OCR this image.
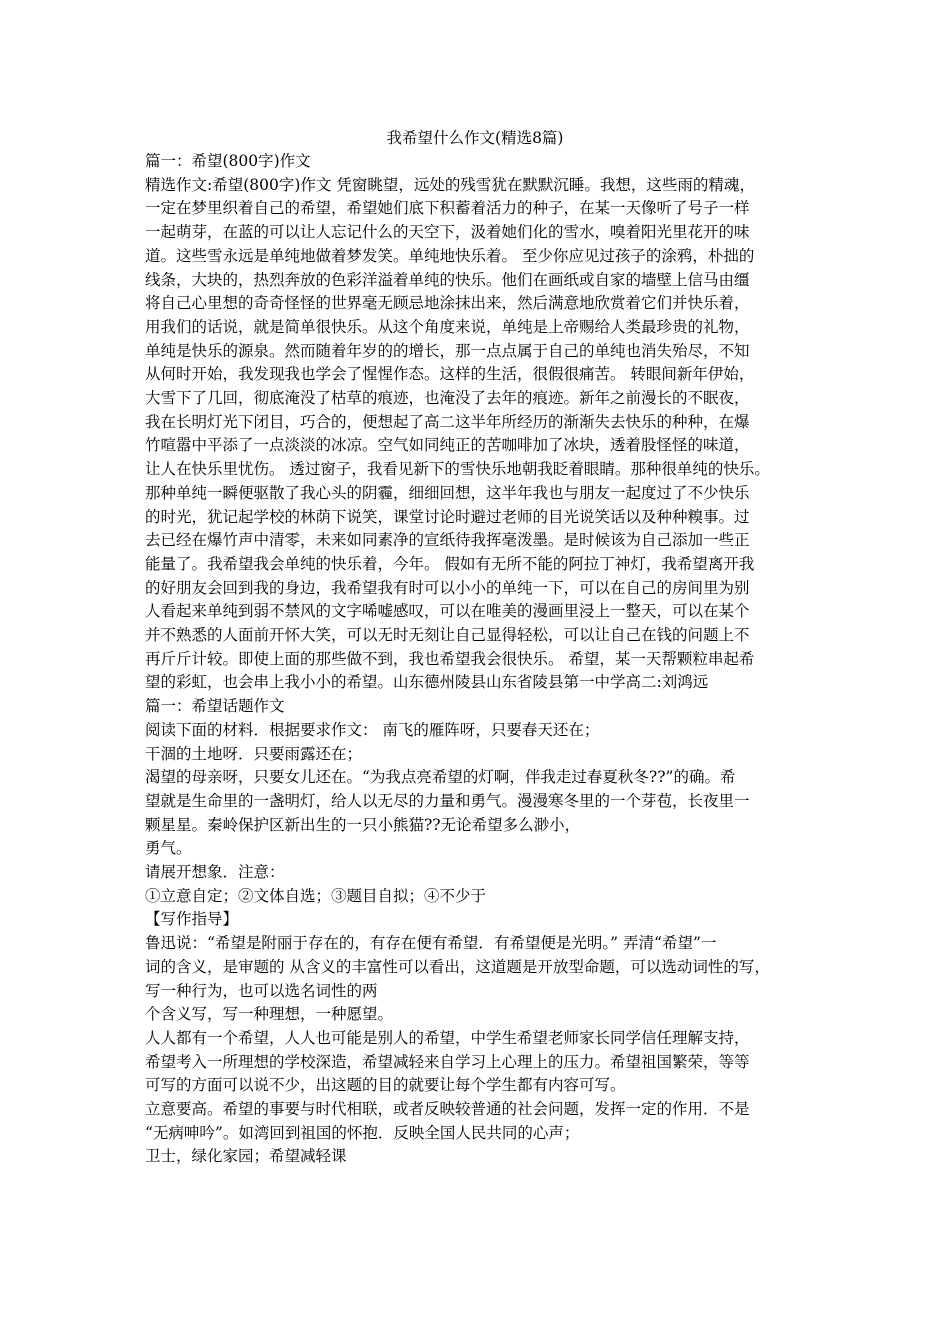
我希望什么作文(精选8篇)
篇一：希望(800字)作文
精选作文:希望(800字)作文 凭窗眺望，远处的残雪犹在默默沉睡。我想，这些雨的精魂，
一定在梦里织着自己的希望，希望她们底下积蓄着活力的种子，在某一天像听了号子一样
一起萌芽，在蓝的可以让人忘记什么的天空下，汲着她们化的雪水，嗅着阳光里花开的味
道。这些雪永远是单纯地做着梦发笑。单纯地快乐着。 至少你应见过孩子的涂鸦，朴拙的
线条，大块的，热烈奔放的色彩洋溢着单纯的快乐。他们在画纸或自家的墙壁上信马由缰
将自己心里想的奇奇怪怪的世界毫无顾忌地涂抹出来，然后满意地欣赏着它们并快乐着，
用我们的话说，就是简单很快乐。从这个角度来说，单纯是上帝赐给人类最珍贵的礼物，
单纯是快乐的源泉。然而随着年岁的的增长，那一点点属于自己的单纯也消失殆尽，不知
从何时开始，我发现我也学会了惺惺作态。这样的生活，很假很痛苦。 转眼间新年伊始，
大雪下了几回，彻底淹没了枯草的痕迹，也淹没了去年的痕迹。新年之前漫长的不眠夜，
我在长明灯光下闭目，巧合的，便想起了高二这半年所经历的渐渐失去快乐的种种，在爆
竹喧嚣中平添了一点淡淡的冰凉。空气如同纯正的苦咖啡加了冰块，透着股怪怪的味道，
让人在快乐里忧伤。 透过窗子，我看见新下的雪快乐地朝我眨着眼睛。那种很单纯的快乐。
那种单纯一瞬便驱散了我心头的阴霾，细细回想，这半年我也与朋友一起度过了不少快乐
的时光，犹记起学校的林荫下说笑，课堂讨论时避过老师的目光说笑话以及种种糗事。过
去已经在爆竹声中清零，未来如同素净的宣纸待我挥毫泼墨。是时候该为自己添加一些正
能量了。我希望我会单纯的快乐着，今年。 假如有无所不能的阿拉丁神灯，我希望离开我
的好朋友会回到我的身边，我希望我有时可以小小的单纯一下，可以在自己的房间里为别
人看起来单纯到弱不禁风的文字唏嘘感叹，可以在唯美的漫画里浸上一整天，可以在某个
并不熟悉的人面前开怀大笑，可以无时无刻让自己显得轻松，可以让自己在钱的问题上不
再斤斤计较。即使上面的那些做不到，我也希望我会很快乐。 希望，某一天帮颗粒串起希
望的彩虹，也会串上我小小的希望。山东德州陵县山东省陵县第一中学高二:刘鸿远
篇一：希望话题作文
阅读下面的材料．根据要求作文： 南飞的雁阵呀，只要春天还在；
干涸的土地呀．只要雨露还在；
渴望的母亲呀，只要女儿还在。“为我点亮希望的灯啊，伴我走过春夏秋冬??”的确。希
望就是生命里的一盏明灯，给人以无尽的力量和勇气。漫漫寒冬里的一个芽苞，长夜里一
颗星星。秦岭保护区新出生的一只小熊猫??无论希望多么渺小，
勇气。
请展开想象．注意：
①立意自定；②文体自选；③题目自拟；④不少于
【写作指导】
鲁迅说：“希望是附丽于存在的，有存在便有希望．有希望便是光明。” 弄清“希望”一
词的含义，是审题的 从含义的丰富性可以看出，这道题是开放型命题，可以选动词性的写，
写一种行为，也可以选名词性的两
个含义写，写一种理想，一种愿望。
人人都有一个希望，人人也可能是别人的希望，中学生希望老师家长同学信任理解支持，
希望考入一所理想的学校深造，希望减轻来自学习上心理上的压力。希望祖国繁荣，等等
可写的方面可以说不少，出这题的目的就要让每个学生都有内容可写。
立意要高。希望的事要与时代相联，或者反映较普通的社会问题，发挥一定的作用．不是
“无病呻吟”。如湾回到祖国的怀抱．反映全国人民共同的心声；
卫士，绿化家园；希望减轻课
